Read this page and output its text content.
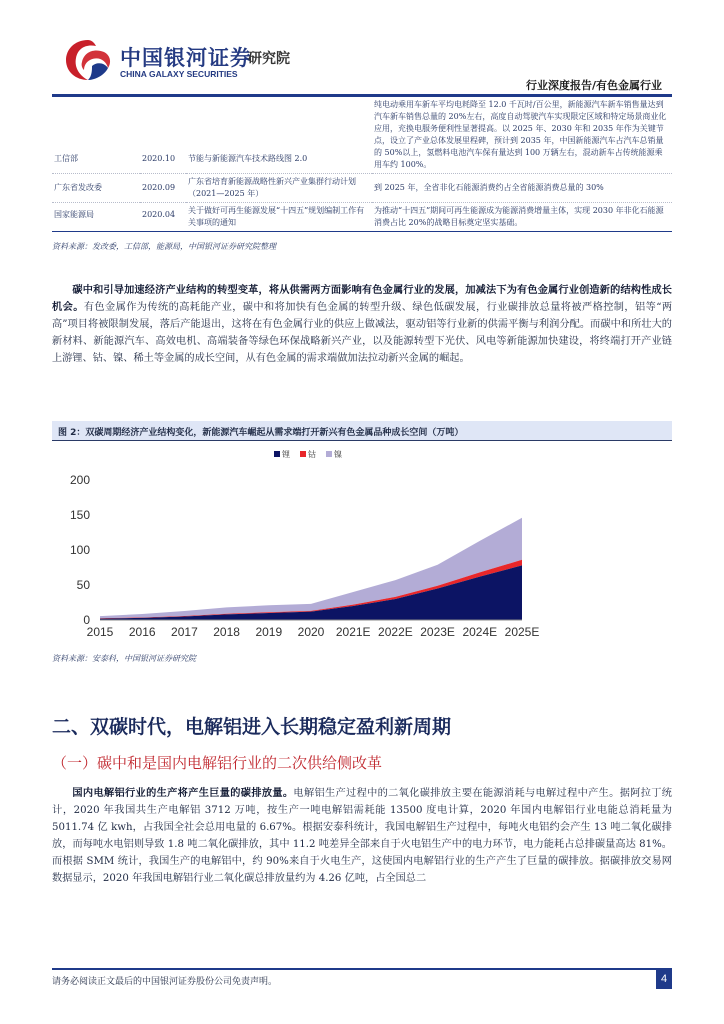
中国银河证券
CHINA GALAXY SECURITIES
研究院
行业深度报告/有色金属行业
工信部	2020.10	节能与新能源汽车技术路线图 2.0	纯电动乘用车新车平均电耗降至 12.0 千瓦时/百公里，新能源汽车新车销售量达到汽车新车销售总量的 20%左右，高度自动驾驶汽车实现限定区域和特定场景商业化应用，充换电服务便利性显著提高。以 2025 年、2030 年和 2035 年作为关键节点，设立了产业总体发展里程碑，预计到 2035 年，中国新能源汽车占汽车总销量的 50%以上，氢燃料电池汽车保有量达到 100 万辆左右，混动新车占传统能源乘用车约 100%。
广东省发改委	2020.09	广东省培育新能源战略性新兴产业集群行动计划（2021—2025 年）	到 2025 年，全省非化石能源消费约占全省能源消费总量的 30%
国家能源局	2020.04	关于做好可再生能源发展“十四五”规划编制工作有关事项的通知	为推动“十四五”期间可再生能源成为能源消费增量主体，实现 2030 年非化石能源消费占比 20%的战略目标奠定坚实基础。
资料来源：发改委，工信部，能源局，中国银河证券研究院整理
碳中和引导加速经济产业结构的转型变革，将从供需两方面影响有色金属行业的发展，加减法下为有色金属行业创造新的结构性成长机会。有色金属作为传统的高耗能产业，碳中和将加快有色金属的转型升级、绿色低碳发展，行业碳排放总量将被严格控制，铝等“两高”项目将被限制发展，落后产能退出，这将在有色金属行业的供应上做减法，驱动铝等行业新的供需平衡与利润分配。而碳中和所壮大的新材料、新能源汽车、高效电机、高端装备等绿色环保战略新兴产业，以及能源转型下光伏、风电等新能源加快建设，将终端打开产业链上游锂、钴、镍、稀土等金属的成长空间，从有色金属的需求端做加法拉动新兴金属的崛起。
图 2：双碳周期经济产业结构变化，新能源汽车崛起从需求端打开新兴有色金属品种成长空间（万吨）
锂 钴 镍
0
50
100
150
200
2015 2016 2017 2018 2019 2020 2021E 2022E 2023E 2024E 2025E
资料来源：安泰科，中国银河证券研究院
二、双碳时代，电解铝进入长期稳定盈利新周期
（一）碳中和是国内电解铝行业的二次供给侧改革
国内电解铝行业的生产将产生巨量的碳排放量。电解铝生产过程中的二氧化碳排放主要在能源消耗与电解过程中产生。据阿拉丁统计，2020 年我国共生产电解铝 3712 万吨，按生产一吨电解铝需耗能 13500 度电计算，2020 年国内电解铝行业电能总消耗量为 5011.74 亿 kwh，占我国全社会总用电量的 6.67%。根据安泰科统计，我国电解铝生产过程中，每吨火电铝约会产生 13 吨二氧化碳排放，而每吨水电铝则导致 1.8 吨二氧化碳排放，其中 11.2 吨差异全部来自于火电铝生产中的电力环节，电力能耗占总排碳量高达 81%。而根据 SMM 统计，我国生产的电解铝中，约 90%来自于火电生产，这使国内电解铝行业的生产产生了巨量的碳排放。据碳排放交易网数据显示，2020 年我国电解铝行业二氧化碳总排放量约为 4.26 亿吨，占全国总二
请务必阅读正文最后的中国银河证券股份公司免责声明。	4
